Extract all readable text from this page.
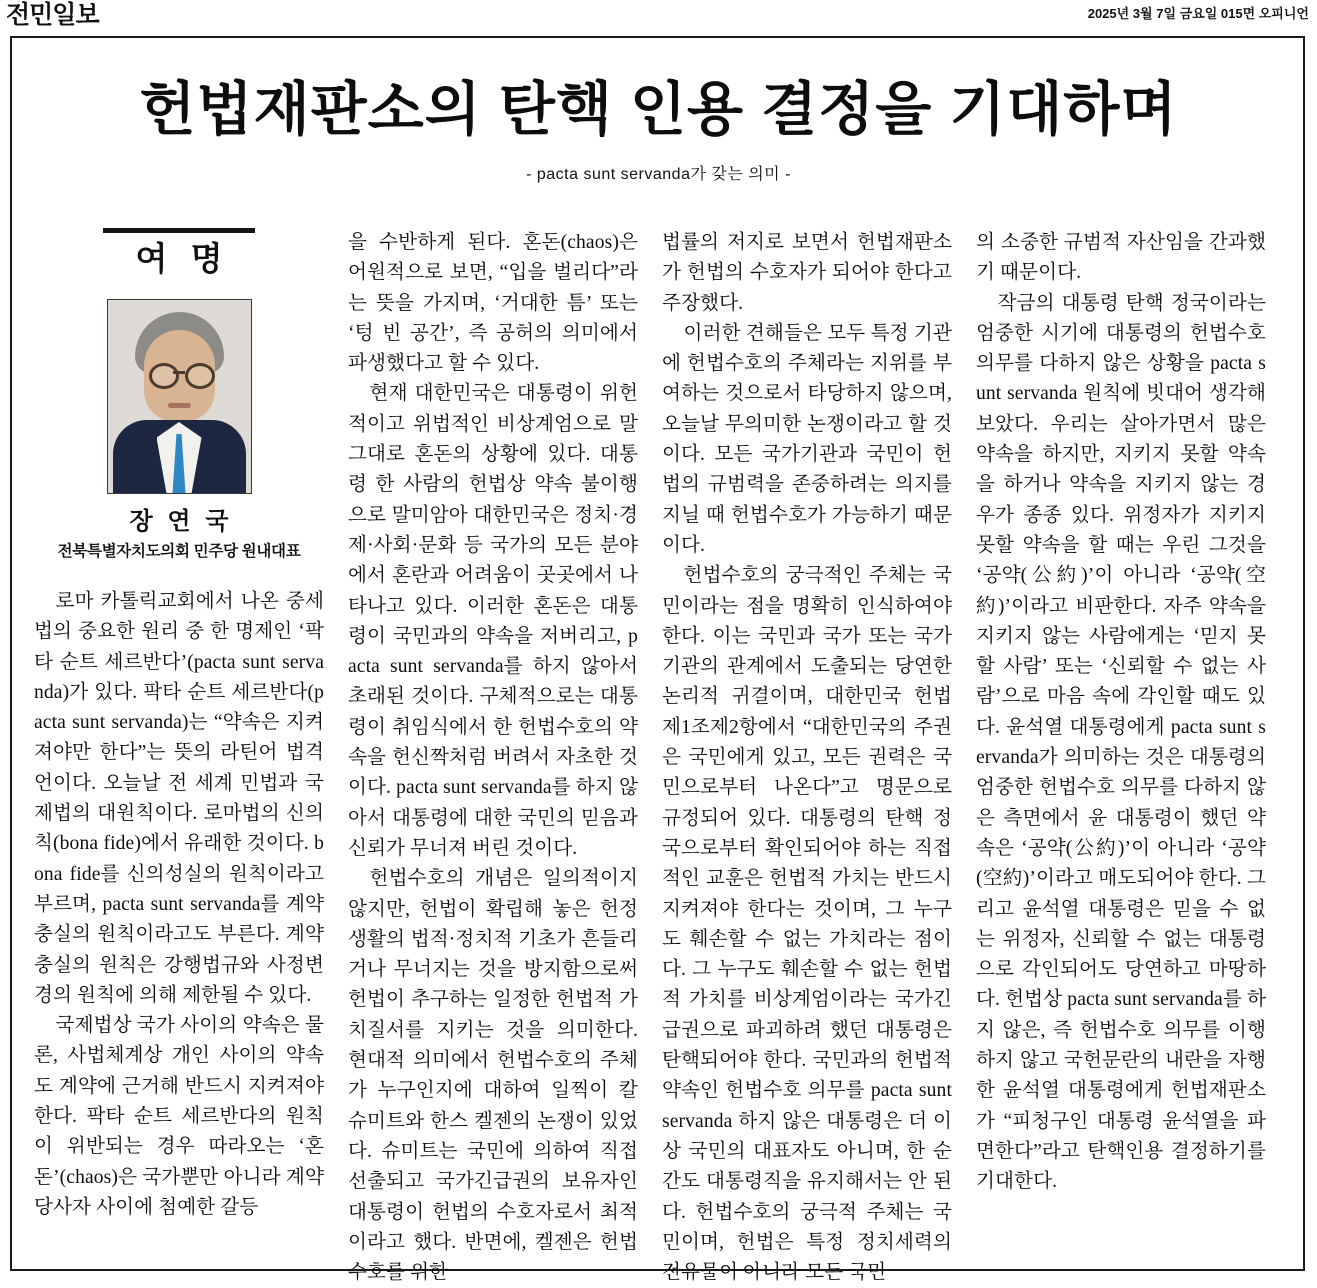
전민일보	2025년 3월 7일 금요일 015면 오피니언
헌법재판소의 탄핵 인용 결정을 기대하며
- pacta sunt servanda가 갖는 의미 -
여 명
장 연 국
전북특별자치도의회 민주당 원내대표

로마 카톨릭교회에서 나온 중세법의 중요한 원리 중 한 명제인 ‘팍타 순트 세르반다’(pacta sunt servanda)가 있다. 팍타 순트 세르반다(pacta sunt servanda)는 “약속은 지켜져야만 한다”는 뜻의 라틴어 법격언이다. 오늘날 전 세계 민법과 국제법의 대원칙이다. 로마법의 신의칙(bona fide)에서 유래한 것이다. bona fide를 신의성실의 원칙이라고 부르며, pacta sunt servanda를 계약충실의 원칙이라고도 부른다. 계약충실의 원칙은 강행법규와 사정변경의 원칙에 의해 제한될 수 있다.

국제법상 국가 사이의 약속은 물론, 사법체계상 개인 사이의 약속도 계약에 근거해 반드시 지켜져야 한다. 팍타 순트 세르반다의 원칙이 위반되는 경우 따라오는 ‘혼돈’(chaos)은 국가뿐만 아니라 계약 당사자 사이에 첨예한 갈등

을 수반하게 된다. 혼돈(chaos)은 어원적으로 보면, “입을 벌리다”라는 뜻을 가지며, ‘거대한 틈’ 또는 ‘텅 빈 공간’, 즉 공허의 의미에서 파생했다고 할 수 있다.

현재 대한민국은 대통령이 위헌적이고 위법적인 비상계엄으로 말 그대로 혼돈의 상황에 있다. 대통령 한 사람의 헌법상 약속 불이행으로 말미암아 대한민국은 정치·경제·사회·문화 등 국가의 모든 분야에서 혼란과 어려움이 곳곳에서 나타나고 있다. 이러한 혼돈은 대통령이 국민과의 약속을 저버리고, pacta sunt servanda를 하지 않아서 초래된 것이다. 구체적으로는 대통령이 취임식에서 한 헌법수호의 약속을 헌신짝처럼 버려서 자초한 것이다. pacta sunt servanda를 하지 않아서 대통령에 대한 국민의 믿음과 신뢰가 무너져 버린 것이다.

헌법수호의 개념은 일의적이지 않지만, 헌법이 확립해 놓은 헌정생활의 법적·정치적 기초가 흔들리거나 무너지는 것을 방지함으로써 헌법이 추구하는 일정한 헌법적 가치질서를 지키는 것을 의미한다. 현대적 의미에서 헌법수호의 주체가 누구인지에 대하여 일찍이 칼 슈미트와 한스 켈젠의 논쟁이 있었다. 슈미트는 국민에 의하여 직접 선출되고 국가긴급권의 보유자인 대통령이 헌법의 수호자로서 최적이라고 했다. 반면에, 켈젠은 헌법수호를 위한

법률의 저지로 보면서 헌법재판소가 헌법의 수호자가 되어야 한다고 주장했다.

이러한 견해들은 모두 특정 기관에 헌법수호의 주체라는 지위를 부여하는 것으로서 타당하지 않으며, 오늘날 무의미한 논쟁이라고 할 것이다. 모든 국가기관과 국민이 헌법의 규범력을 존중하려는 의지를 지닐 때 헌법수호가 가능하기 때문이다.

헌법수호의 궁극적인 주체는 국민이라는 점을 명확히 인식하여야 한다. 이는 국민과 국가 또는 국가기관의 관계에서 도출되는 당연한 논리적 귀결이며, 대한민국 헌법 제1조제2항에서 “대한민국의 주권은 국민에게 있고, 모든 권력은 국민으로부터 나온다”고 명문으로 규정되어 있다. 대통령의 탄핵 정국으로부터 확인되어야 하는 직접적인 교훈은 헌법적 가치는 반드시 지켜져야 한다는 것이며, 그 누구도 훼손할 수 없는 가치라는 점이다. 그 누구도 훼손할 수 없는 헌법적 가치를 비상계엄이라는 국가긴급권으로 파괴하려 했던 대통령은 탄핵되어야 한다. 국민과의 헌법적 약속인 헌법수호 의무를 pacta sunt servanda 하지 않은 대통령은 더 이상 국민의 대표자도 아니며, 한 순간도 대통령직을 유지해서는 안 된다. 헌법수호의 궁극적 주체는 국민이며, 헌법은 특정 정치세력의 전유물이 아니라 모든 국민

의 소중한 규범적 자산임을 간과했기 때문이다.

작금의 대통령 탄핵 정국이라는 엄중한 시기에 대통령의 헌법수호 의무를 다하지 않은 상황을 pacta sunt servanda 원칙에 빗대어 생각해 보았다. 우리는 살아가면서 많은 약속을 하지만, 지키지 못할 약속을 하거나 약속을 지키지 않는 경우가 종종 있다. 위정자가 지키지 못할 약속을 할 때는 우린 그것을 ‘공약(公約)’이 아니라 ‘공약(空約)’이라고 비판한다. 자주 약속을 지키지 않는 사람에게는 ‘믿지 못할 사람’ 또는 ‘신뢰할 수 없는 사람’으로 마음 속에 각인할 때도 있다. 윤석열 대통령에게 pacta sunt servanda가 의미하는 것은 대통령의 엄중한 헌법수호 의무를 다하지 않은 측면에서 윤 대통령이 했던 약속은 ‘공약(公約)’이 아니라 ‘공약(空約)’이라고 매도되어야 한다. 그리고 윤석열 대통령은 믿을 수 없는 위정자, 신뢰할 수 없는 대통령으로 각인되어도 당연하고 마땅하다. 헌법상 pacta sunt servanda를 하지 않은, 즉 헌법수호 의무를 이행하지 않고 국헌문란의 내란을 자행한 윤석열 대통령에게 헌법재판소가 “피청구인 대통령 윤석열을 파면한다”라고 탄핵인용 결정하기를 기대한다.
